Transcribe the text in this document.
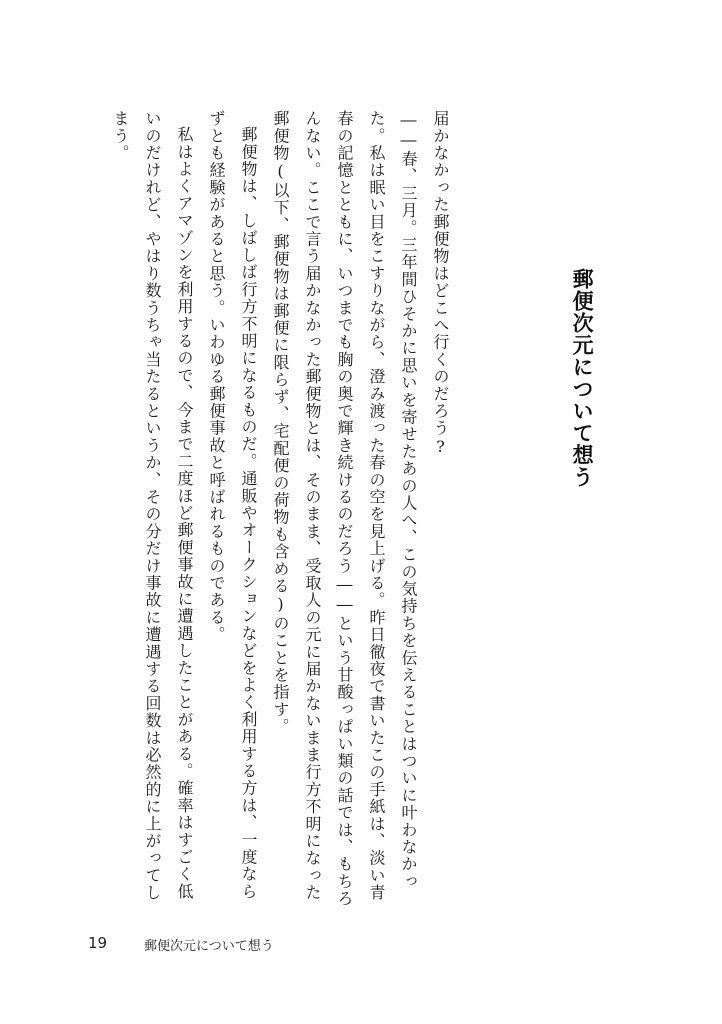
郵便次元について想う

届かなかった郵便物はどこへ行くのだろう?

――春、三月。三年間ひそかに思いを寄せたあの人へ、この気持ちを伝えることはついに叶わなかった。私は眠い目をこすりながら、澄み渡った春の空を見上げる。昨日徹夜で書いたこの手紙は、淡い青春の記憶とともに、いつまでも胸の奥で輝き続けるのだろう――という甘酸っぱい類の話では、もちろんない。ここで言う届かなかった郵便物とは、そのまま、受取人の元に届かないまま行方不明になった郵便物(以下、郵便物は郵便に限らず、宅配便の荷物も含める)のことを指す。

郵便物は、しばしば行方不明になるものだ。通販やオークションなどをよく利用する方は、一度ならずとも経験があると思う。いわゆる郵便事故と呼ばれるものである。

私はよくアマゾンを利用するので、今まで二度ほど郵便事故に遭遇したことがある。確率はすごく低いのだけれど、やはり数うちゃ当たるというか、その分だけ事故に遭遇する回数は必然的に上がってしまう。

19	郵便次元について想う
